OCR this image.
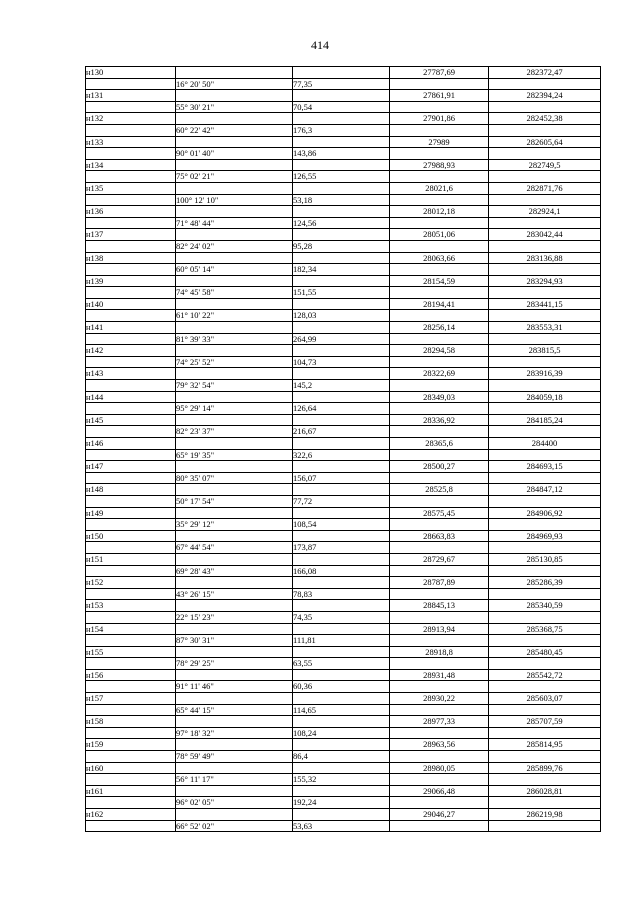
414
н130			27787,69	282372,47
	16° 20' 50"	77,35		
н131			27861,91	282394,24
	55° 30' 21"	70,54		
н132			27901,86	282452,38
	60° 22' 42"	176,3		
н133			27989	282605,64
	90° 01' 40"	143,86		
н134			27988,93	282749,5
	75° 02' 21"	126,55		
н135			28021,6	282871,76
	100° 12' 10"	53,18		
н136			28012,18	282924,1
	71° 48' 44"	124,56		
н137			28051,06	283042,44
	82° 24' 02"	95,28		
н138			28063,66	283136,88
	60° 05' 14"	182,34		
н139			28154,59	283294,93
	74° 45' 58"	151,55		
н140			28194,41	283441,15
	61° 10' 22"	128,03		
н141			28256,14	283553,31
	81° 39' 33"	264,99		
н142			28294,58	283815,5
	74° 25' 52"	104,73		
н143			28322,69	283916,39
	79° 32' 54"	145,2		
н144			28349,03	284059,18
	95° 29' 14"	126,64		
н145			28336,92	284185,24
	82° 23' 37"	216,67		
н146			28365,6	284400
	65° 19' 35"	322,6		
н147			28500,27	284693,15
	80° 35' 07"	156,07		
н148			28525,8	284847,12
	50° 17' 54"	77,72		
н149			28575,45	284906,92
	35° 29' 12"	108,54		
н150			28663,83	284969,93
	67° 44' 54"	173,87		
н151			28729,67	285130,85
	69° 28' 43"	166,08		
н152			28787,89	285286,39
	43° 26' 15"	78,83		
н153			28845,13	285340,59
	22° 15' 23"	74,35		
н154			28913,94	285368,75
	87° 30' 31"	111,81		
н155			28918,8	285480,45
	78° 29' 25"	63,55		
н156			28931,48	285542,72
	91° 11' 46"	60,36		
н157			28930,22	285603,07
	65° 44' 15"	114,65		
н158			28977,33	285707,59
	97° 18' 32"	108,24		
н159			28963,56	285814,95
	78° 59' 49"	86,4		
н160			28980,05	285899,76
	56° 11' 17"	155,32		
н161			29066,48	286028,81
	96° 02' 05"	192,24		
н162			29046,27	286219,98
	66° 52' 02"	53,63		
